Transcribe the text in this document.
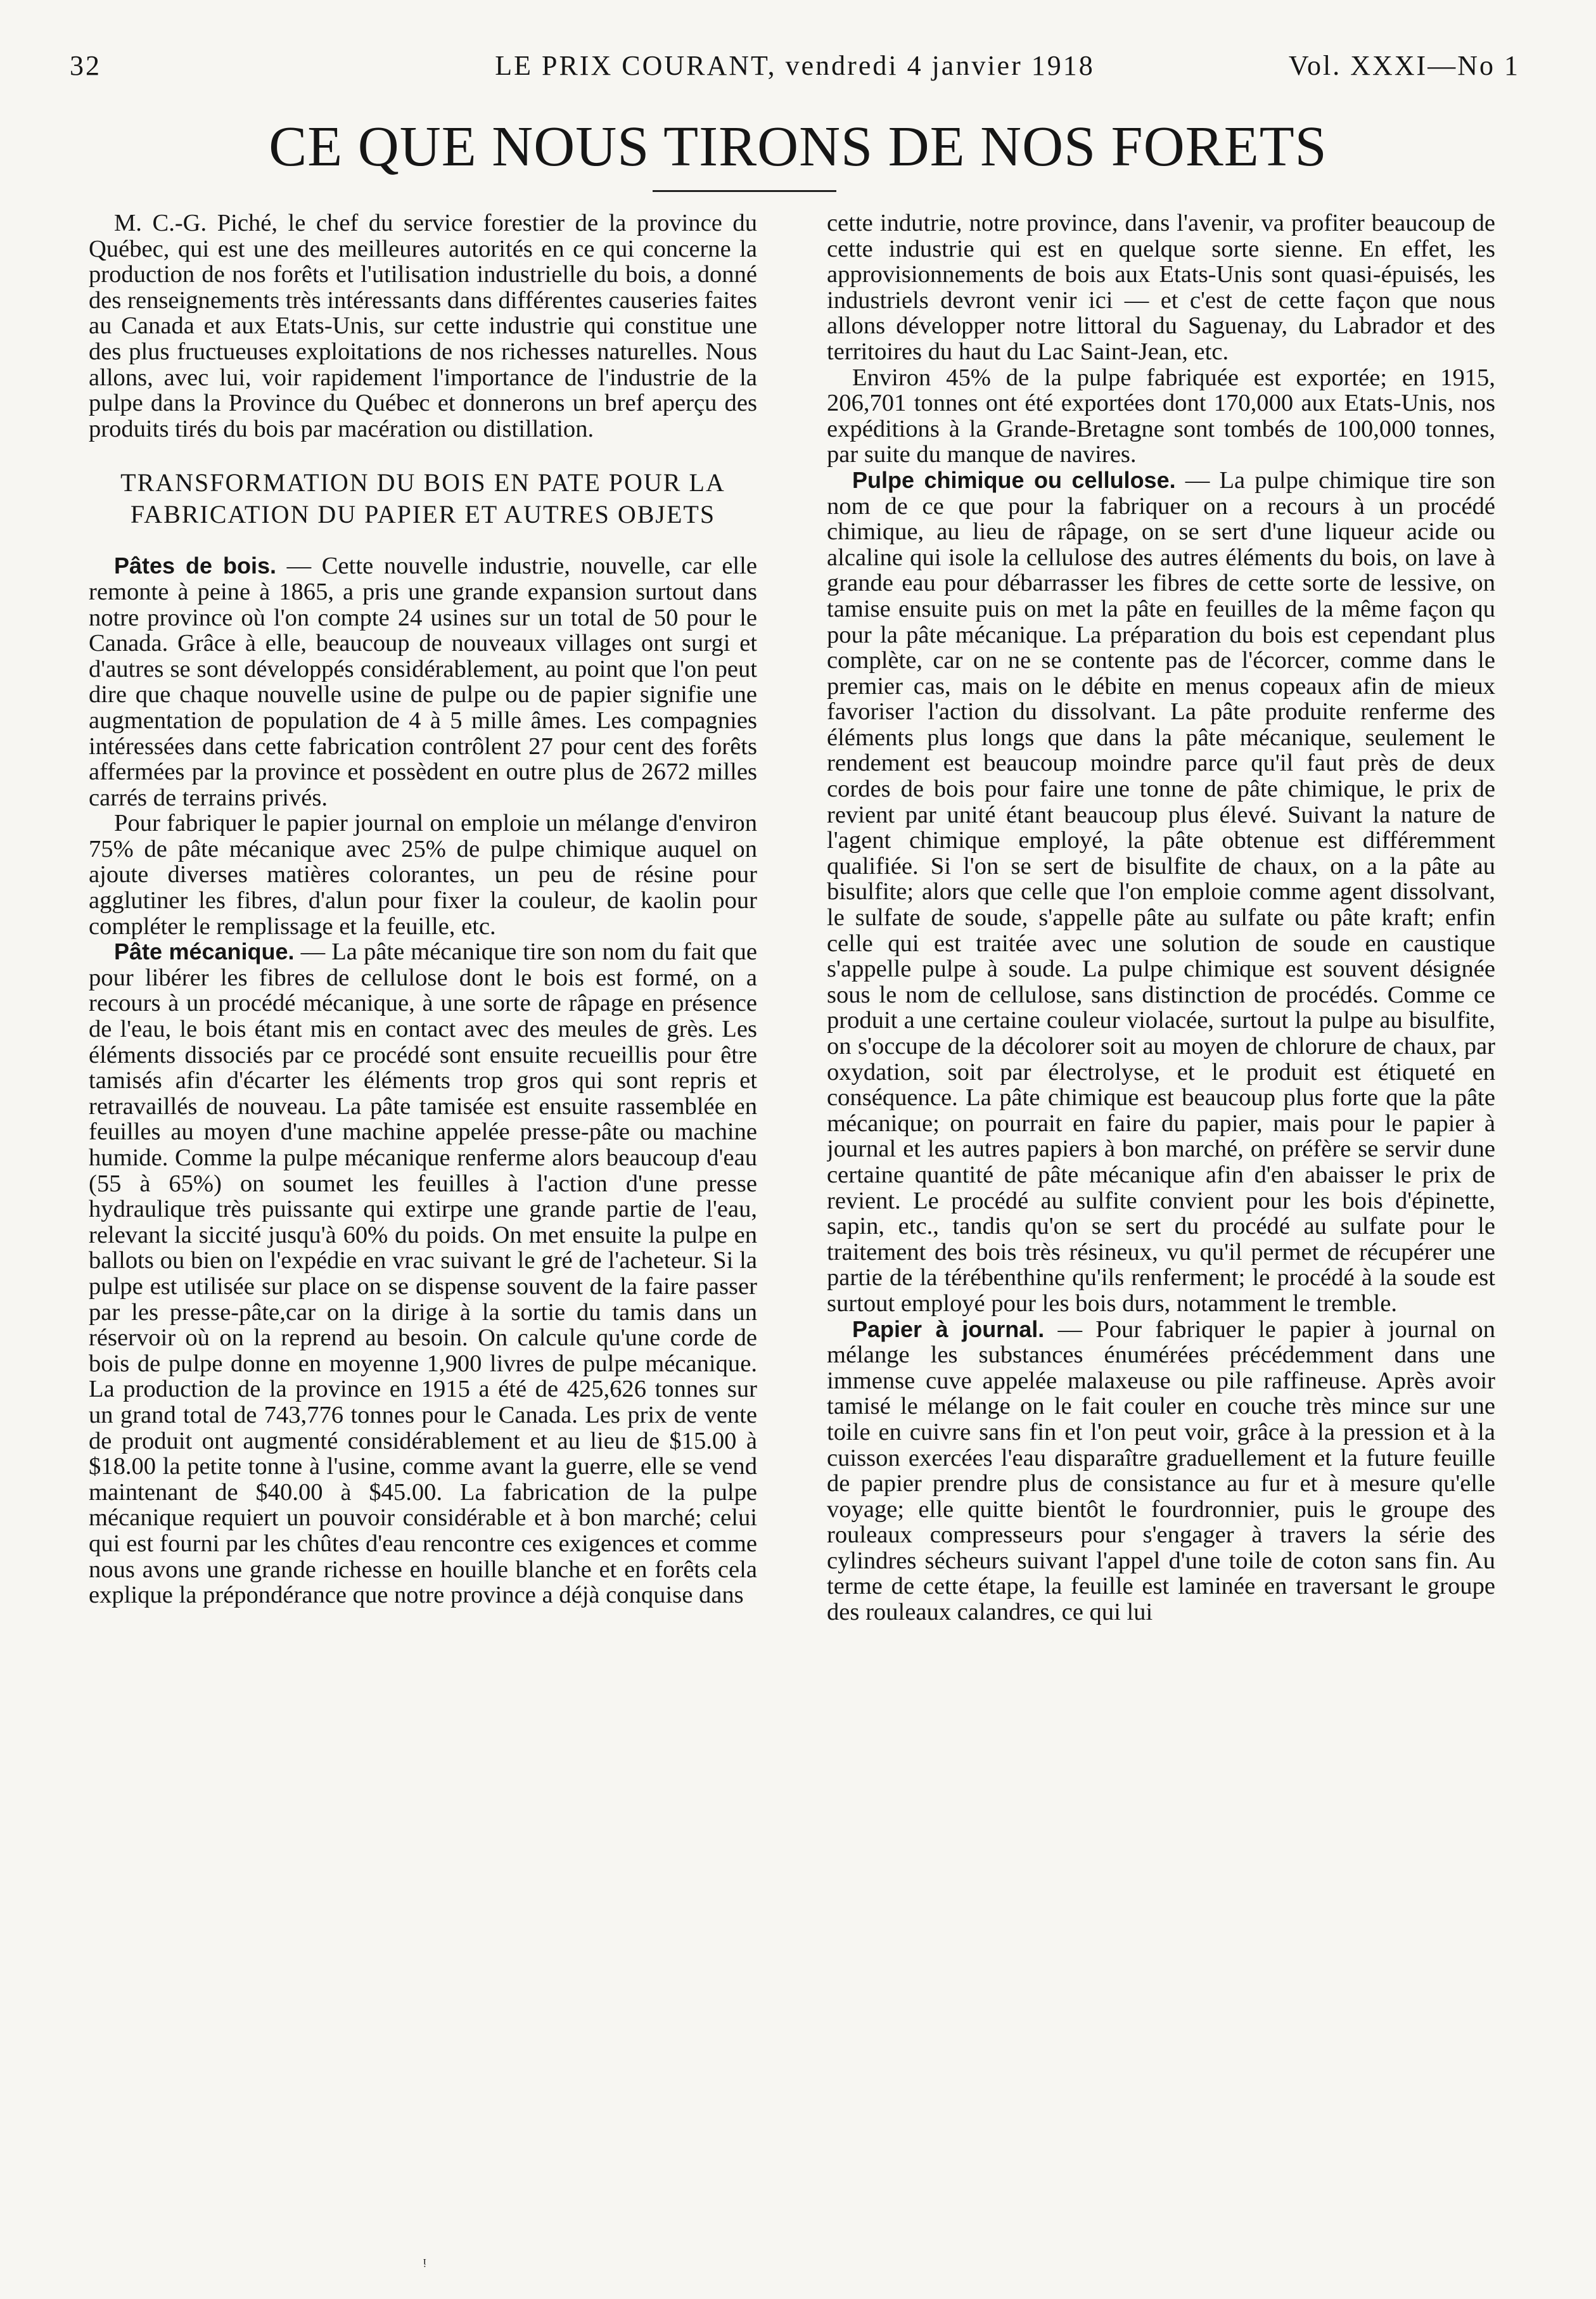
32	LE PRIX COURANT, vendredi 4 janvier 1918	Vol. XXXI—No 1
CE QUE NOUS TIRONS DE NOS FORETS

M. C.-G. Piché, le chef du service forestier de la province du Québec, qui est une des meilleures autorités en ce qui concerne la production de nos forêts et l'utilisation industrielle du bois, a donné des renseignements très intéressants dans différentes causeries faites au Canada et aux Etats-Unis, sur cette industrie qui constitue une des plus fructueuses exploitations de nos richesses naturelles. Nous allons, avec lui, voir rapidement l'importance de l'industrie de la pulpe dans la Province du Québec et donnerons un bref aperçu des produits tirés du bois par macération ou distillation.

TRANSFORMATION DU BOIS EN PATE POUR LA FABRICATION DU PAPIER ET AUTRES OBJETS

Pâtes de bois. — Cette nouvelle industrie, nouvelle, car elle remonte à peine à 1865, a pris une grande expansion surtout dans notre province où l'on compte 24 usines sur un total de 50 pour le Canada. Grâce à elle, beaucoup de nouveaux villages ont surgi et d'autres se sont développés considérablement, au point que l'on peut dire que chaque nouvelle usine de pulpe ou de papier signifie une augmentation de population de 4 à 5 mille âmes. Les compagnies intéressées dans cette fabrication contrôlent 27 pour cent des forêts affermées par la province et possèdent en outre plus de 2672 milles carrés de terrains privés.

Pour fabriquer le papier journal on emploie un mélange d'environ 75% de pâte mécanique avec 25% de pulpe chimique auquel on ajoute diverses matières colorantes, un peu de résine pour agglutiner les fibres, d'alun pour fixer la couleur, de kaolin pour compléter le remplissage et la feuille, etc.

Pâte mécanique. — La pâte mécanique tire son nom du fait que pour libérer les fibres de cellulose dont le bois est formé, on a recours à un procédé mécanique, à une sorte de râpage en présence de l'eau, le bois étant mis en contact avec des meules de grès. Les éléments dissociés par ce procédé sont ensuite recueillis pour être tamisés afin d'écarter les éléments trop gros qui sont repris et retravaillés de nouveau. La pâte tamisée est ensuite rassemblée en feuilles au moyen d'une machine appelée presse-pâte ou machine humide. Comme la pulpe mécanique renferme alors beaucoup d'eau (55 à 65%) on soumet les feuilles à l'action d'une presse hydraulique très puissante qui extirpe une grande partie de l'eau, relevant la siccité jusqu'à 60% du poids. On met ensuite la pulpe en ballots ou bien on l'expédie en vrac suivant le gré de l'acheteur. Si la pulpe est utilisée sur place on se dispense souvent de la faire passer par les presse-pâte,car on la dirige à la sortie du tamis dans un réservoir où on la reprend au besoin. On calcule qu'une corde de bois de pulpe donne en moyenne 1,900 livres de pulpe mécanique. La production de la province en 1915 a été de 425,626 tonnes sur un grand total de 743,776 tonnes pour le Canada. Les prix de vente de produit ont augmenté considérablement et au lieu de $15.00 à $18.00 la petite tonne à l'usine, comme avant la guerre, elle se vend maintenant de $40.00 à $45.00. La fabrication de la pulpe mécanique requiert un pouvoir considérable et à bon marché; celui qui est fourni par les chûtes d'eau rencontre ces exigences et comme nous avons une grande richesse en houille blanche et en forêts cela explique la prépondérance que notre province a déjà conquise dans

cette indutrie, notre province, dans l'avenir, va profiter beaucoup de cette industrie qui est en quelque sorte sienne. En effet, les approvisionnements de bois aux Etats-Unis sont quasi-épuisés, les industriels devront venir ici — et c'est de cette façon que nous allons développer notre littoral du Saguenay, du Labrador et des territoires du haut du Lac Saint-Jean, etc.

Environ 45% de la pulpe fabriquée est exportée; en 1915, 206,701 tonnes ont été exportées dont 170,000 aux Etats-Unis, nos expéditions à la Grande-Bretagne sont tombés de 100,000 tonnes, par suite du manque de navires.

Pulpe chimique ou cellulose. — La pulpe chimique tire son nom de ce que pour la fabriquer on a recours à un procédé chimique, au lieu de râpage, on se sert d'une liqueur acide ou alcaline qui isole la cellulose des autres éléments du bois, on lave à grande eau pour débarrasser les fibres de cette sorte de lessive, on tamise ensuite puis on met la pâte en feuilles de la même façon qu pour la pâte mécanique. La préparation du bois est cependant plus complète, car on ne se contente pas de l'écorcer, comme dans le premier cas, mais on le débite en menus copeaux afin de mieux favoriser l'action du dissolvant. La pâte produite renferme des éléments plus longs que dans la pâte mécanique, seulement le rendement est beaucoup moindre parce qu'il faut près de deux cordes de bois pour faire une tonne de pâte chimique, le prix de revient par unité étant beaucoup plus élevé. Suivant la nature de l'agent chimique employé, la pâte obtenue est différemment qualifiée. Si l'on se sert de bisulfite de chaux, on a la pâte au bisulfite; alors que celle que l'on emploie comme agent dissolvant, le sulfate de soude, s'appelle pâte au sulfate ou pâte kraft; enfin celle qui est traitée avec une solution de soude en caustique s'appelle pulpe à soude. La pulpe chimique est souvent désignée sous le nom de cellulose, sans distinction de procédés. Comme ce produit a une certaine couleur violacée, surtout la pulpe au bisulfite, on s'occupe de la décolorer soit au moyen de chlorure de chaux, par oxydation, soit par électrolyse, et le produit est étiqueté en conséquence. La pâte chimique est beaucoup plus forte que la pâte mécanique; on pourrait en faire du papier, mais pour le papier à journal et les autres papiers à bon marché, on préfère se servir dune certaine quantité de pâte mécanique afin d'en abaisser le prix de revient. Le procédé au sulfite convient pour les bois d'épinette, sapin, etc., tandis qu'on se sert du procédé au sulfate pour le traitement des bois très résineux, vu qu'il permet de récupérer une partie de la térébenthine qu'ils renferment; le procédé à la soude est surtout employé pour les bois durs, notamment le tremble.

Papier à journal. — Pour fabriquer le papier à journal on mélange les substances énumérées précédemment dans une immense cuve appelée malaxeuse ou pile raffineuse. Après avoir tamisé le mélange on le fait couler en couche très mince sur une toile en cuivre sans fin et l'on peut voir, grâce à la pression et à la cuisson exercées l'eau disparaître graduellement et la future feuille de papier prendre plus de consistance au fur et à mesure qu'elle voyage; elle quitte bientôt le fourdronnier, puis le groupe des rouleaux compresseurs pour s'engager à travers la série des cylindres sécheurs suivant l'appel d'une toile de coton sans fin. Au terme de cette étape, la feuille est laminée en traversant le groupe des rouleaux calandres, ce qui lui

ᵎ
